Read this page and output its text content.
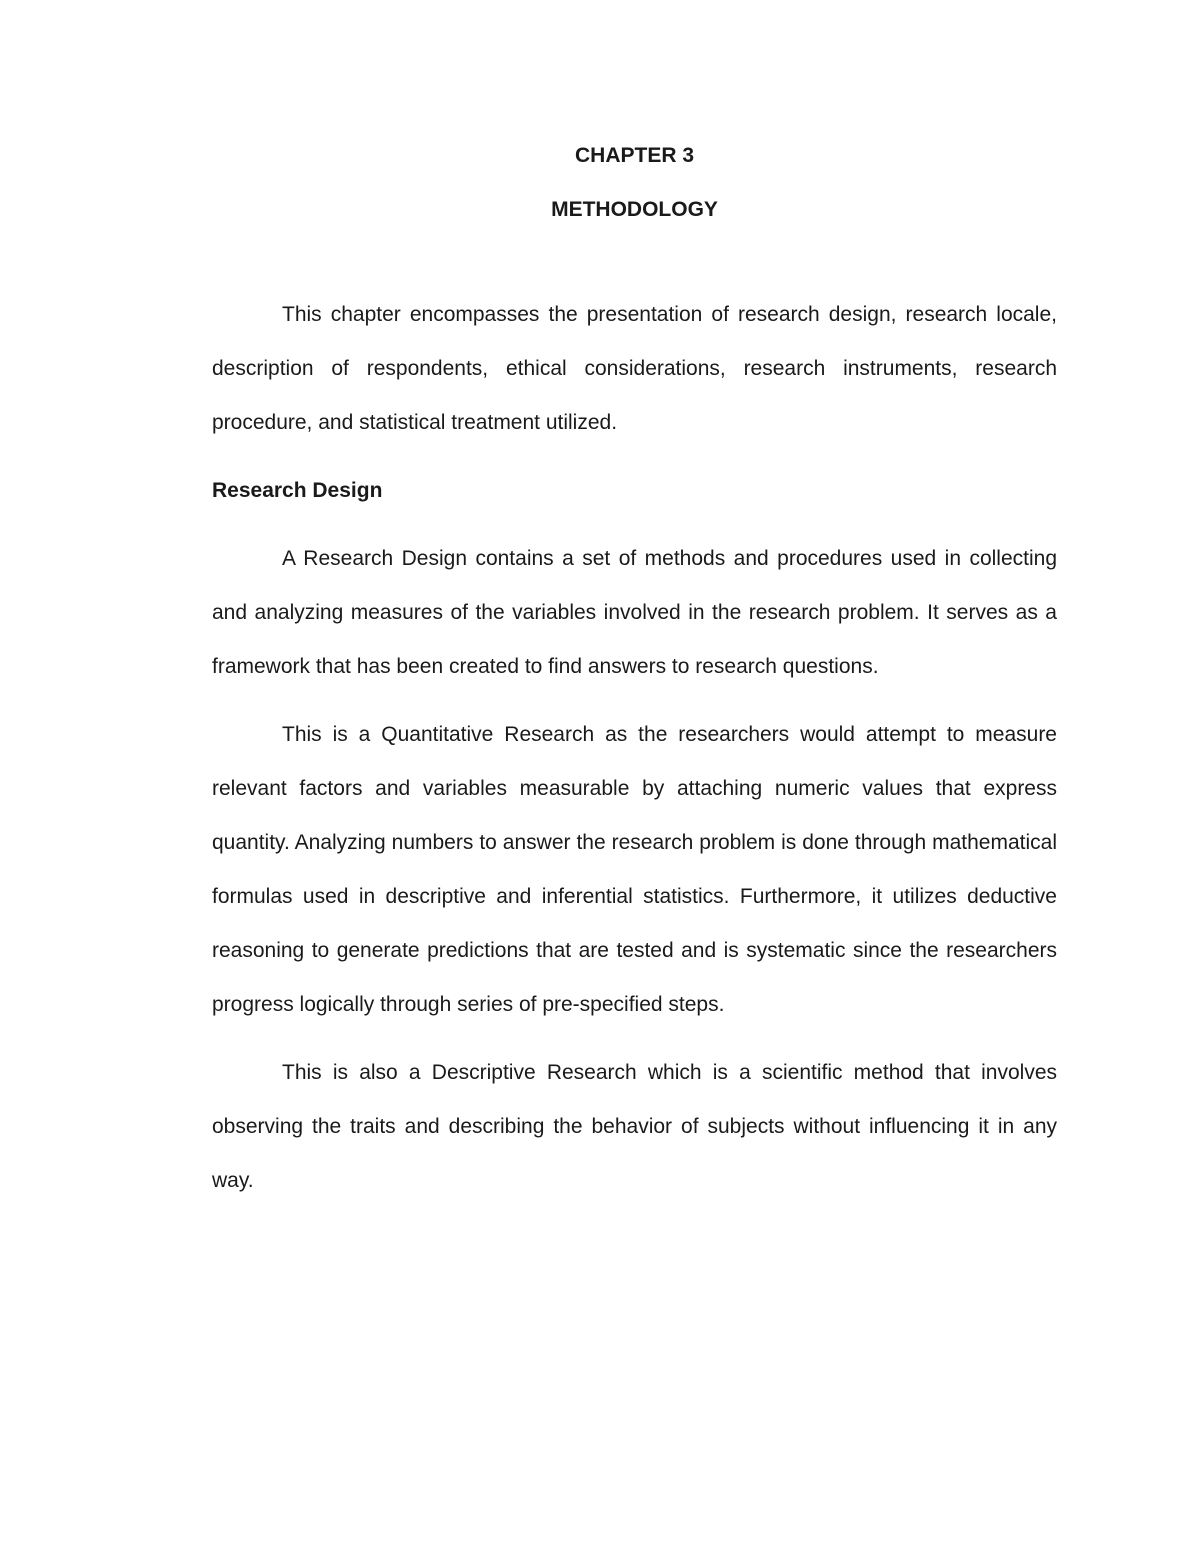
CHAPTER 3

METHODOLOGY

This chapter encompasses the presentation of research design, research locale, description of respondents, ethical considerations, research instruments, research procedure, and statistical treatment utilized.

Research Design

A Research Design contains a set of methods and procedures used in collecting and analyzing measures of the variables involved in the research problem. It serves as a framework that has been created to find answers to research questions.

This is a Quantitative Research as the researchers would attempt to measure relevant factors and variables measurable by attaching numeric values that express quantity. Analyzing numbers to answer the research problem is done through mathematical formulas used in descriptive and inferential statistics. Furthermore, it utilizes deductive reasoning to generate predictions that are tested and is systematic since the researchers progress logically through series of pre-specified steps.

This is also a Descriptive Research which is a scientific method that involves observing the traits and describing the behavior of subjects without influencing it in any way.
